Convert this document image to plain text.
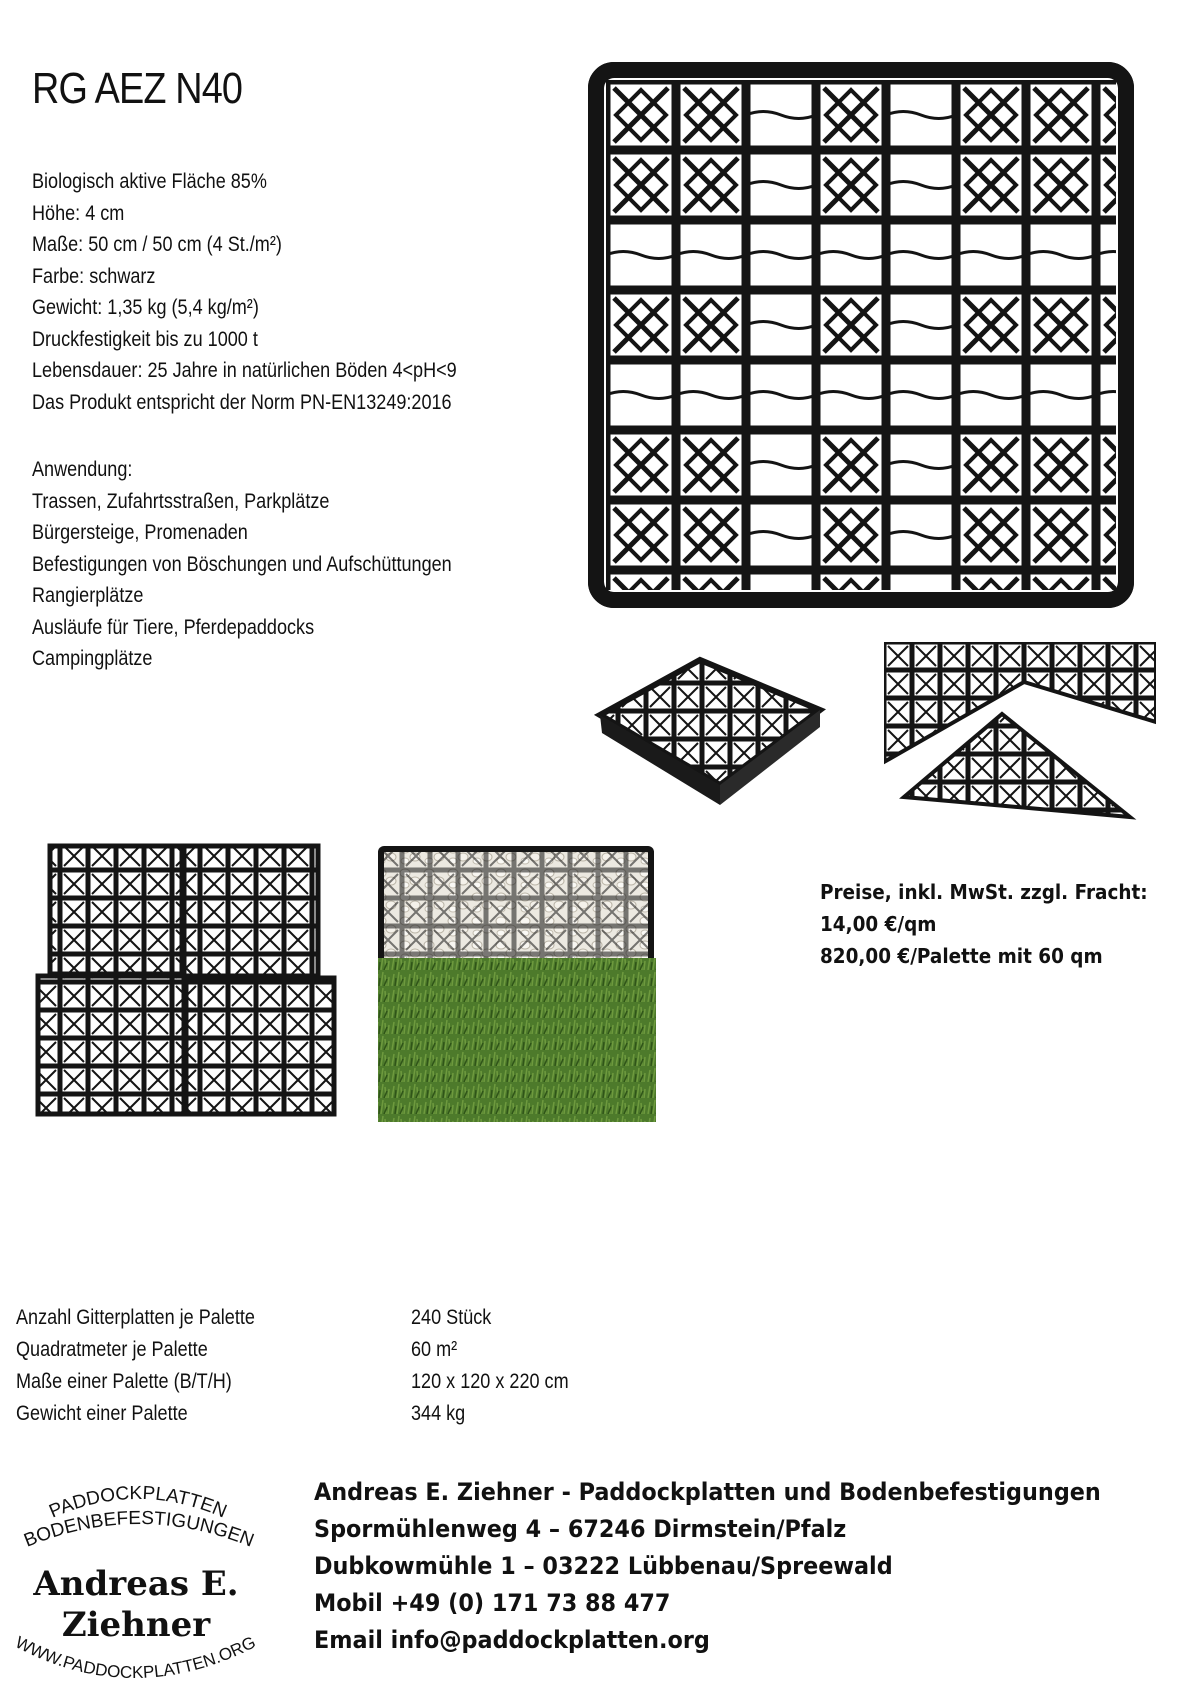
RG AEZ N40
Biologisch aktive Fläche 85%
Höhe: 4 cm
Maße: 50 cm / 50 cm (4 St./m²)
Farbe: schwarz
Gewicht: 1,35 kg (5,4 kg/m²)
Druckfestigkeit bis zu 1000 t
Lebensdauer: 25 Jahre in natürlichen Böden 4<pH<9
Das Produkt entspricht der Norm PN-EN13249:2016
Anwendung:
Trassen, Zufahrtsstraßen, Parkplätze
Bürgersteige, Promenaden
Befestigungen von Böschungen und Aufschüttungen
Rangierplätze
Ausläufe für Tiere, Pferdepaddocks
Campingplätze
Preise, inkl. MwSt. zzgl. Fracht:
14,00 €/qm
820,00 €/Palette mit 60 qm
Anzahl Gitterplatten je Palette	240 Stück
Quadratmeter je Palette	60 m²
Maße einer Palette (B/T/H)	120 x 120 x 220 cm
Gewicht einer Palette	344 kg
PADDOCKPLATTEN
BODENBEFESTIGUNGEN
Andreas E.
Ziehner
WWW.PADDOCKPLATTEN.ORG
Andreas E. Ziehner - Paddockplatten und Bodenbefestigungen
Spormühlenweg 4 – 67246 Dirmstein/Pfalz
Dubkowmühle 1 – 03222 Lübbenau/Spreewald
Mobil +49 (0) 171 73 88 477
Email info@paddockplatten.org
